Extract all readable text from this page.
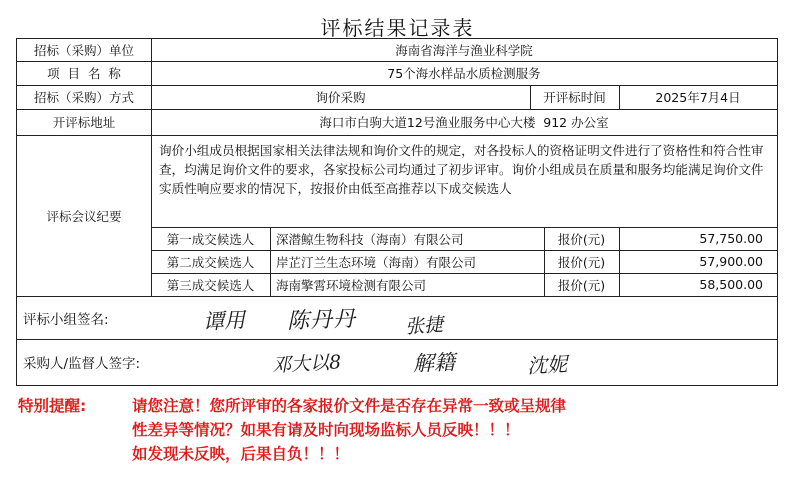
评标结果记录表
招标（采购）单位	海南省海洋与渔业科学院
项  目  名  称	75个海水样品水质检测服务
招标（采购）方式	询价采购	开评标时间	2025年7月4日
开评标地址	海口市白驹大道12号渔业服务中心大楼  912 办公室
评标会议纪要
询价小组成员根据国家相关法律法规和询价文件的规定，对各投标人的资格证明文件进行了资格性和符合性审查，均满足询价文件的要求，各家投标公司均通过了初步评审。询价小组成员在质量和服务均能满足询价文件实质性响应要求的情况下，按报价由低至高推荐以下成交候选人
第一成交候选人	深潜鲸生物科技（海南）有限公司	报价(元)	57,750.00
第二成交候选人	岸芷汀兰生态环境（海南）有限公司	报价(元)	57,900.00
第三成交候选人	海南擎霄环境检测有限公司	报价(元)	58,500.00
评标小组签名:	谭用 陈丹丹	张捷
采购人/监督人签字:	邓大以8	解籍	沈妮
特别提醒:	请您注意！您所评审的各家报价文件是否存在异常一致或呈规律
性差异等情况？如果有请及时向现场监标人员反映！！！
如发现未反映，后果自负！！！
